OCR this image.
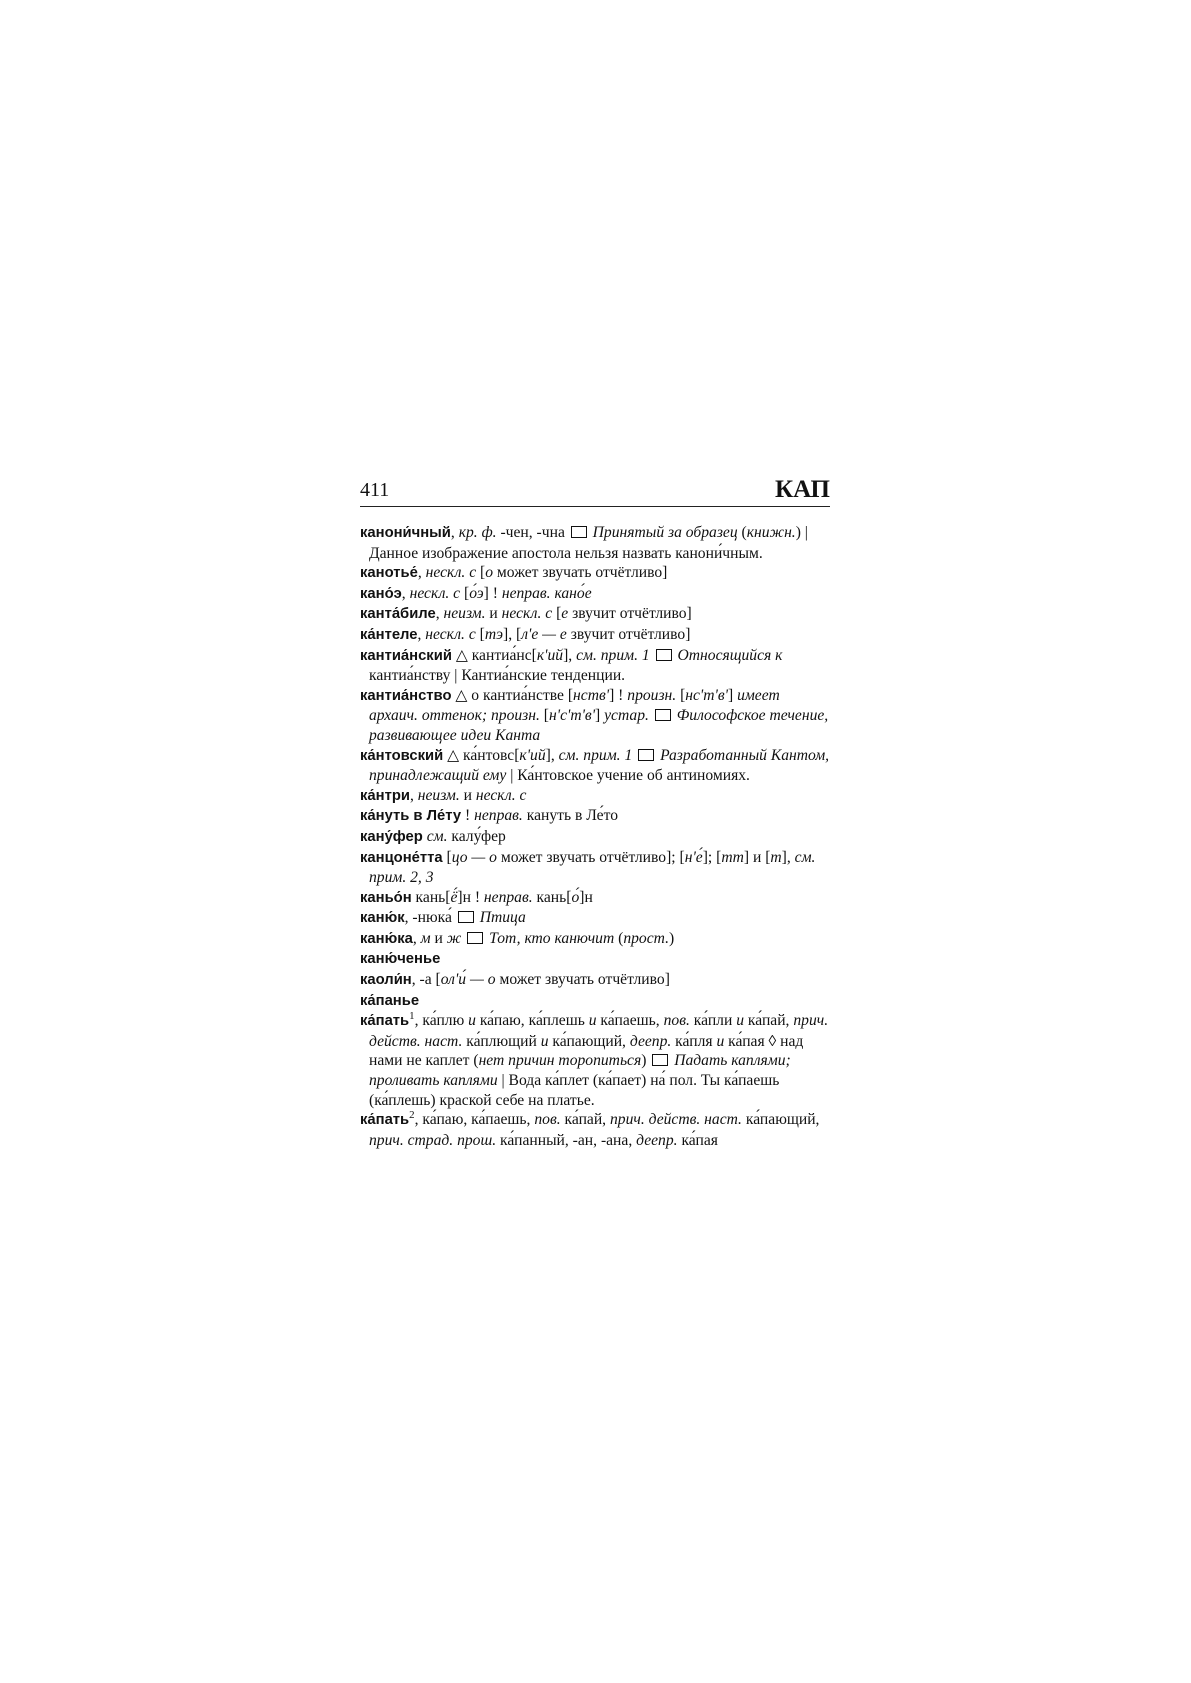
411	КАП

канони́чный, кр. ф. -чен, -чна  Принятый за образец (книжн.) | Данное изображение апостола нельзя назвать канони́чным.

канотье́, нескл. с [о может звучать отчётливо]

кано́э, нескл. с [о́э] ! неправ. кано́е

канта́биле, неизм. и нескл. с [е звучит отчётливо]

ка́нтеле, нескл. с [тэ], [л'е — е звучит отчётливо]

кантиа́нский △ кантиа́нс[к'ий], см. прим. 1 Относящийся к кантиа́нству | Кантиа́нские тенденции.

кантиа́нство △ о кантиа́нстве [нств'] ! произн. [нс'т'в'] имеет архаич. оттенок; произн. [н'с'т'в'] устар. Философское течение, развивающее идеи Канта

ка́нтовский △ ка́нтовс[к'ий], см. прим. 1 Разработанный Кантом, принадлежащий ему | Ка́нтовское учение об антиномиях.

ка́нтри, неизм. и нескл. с

ка́нуть в Ле́ту ! неправ. кануть в Ле́то

кану́фер см. калу́фер

канцоне́тта [цо — о может звучать отчётливо]; [н'е́]; [тт] и [т], см. прим. 2, 3

каньо́н кань[ё́]н ! неправ. кань[о́]н

каню́к, -нюка́  Птица

каню́ка, м и ж Тот, кто канючит (прост.)

каню́ченье

каоли́н, -а [ол'и́ — о может звучать отчётливо]

ка́панье

ка́пать$^1$, ка́плю и ка́паю, ка́плешь и ка́паешь, пов. ка́пли и ка́пай, прич. действ. наст. ка́плющий и ка́пающий, деепр. ка́пля и ка́пая ◊ над нами не каплет (нет причин торопиться)  Падать каплями; проливать каплями | Вода ка́плет (ка́пает) на́ пол. Ты ка́паешь (ка́плешь) краской себе на платье.

ка́пать$^2$, ка́паю, ка́паешь, пов. ка́пай, прич. действ. наст. ка́пающий, прич. страд. прош. ка́панный, -ан, -ана, деепр. ка́пая
